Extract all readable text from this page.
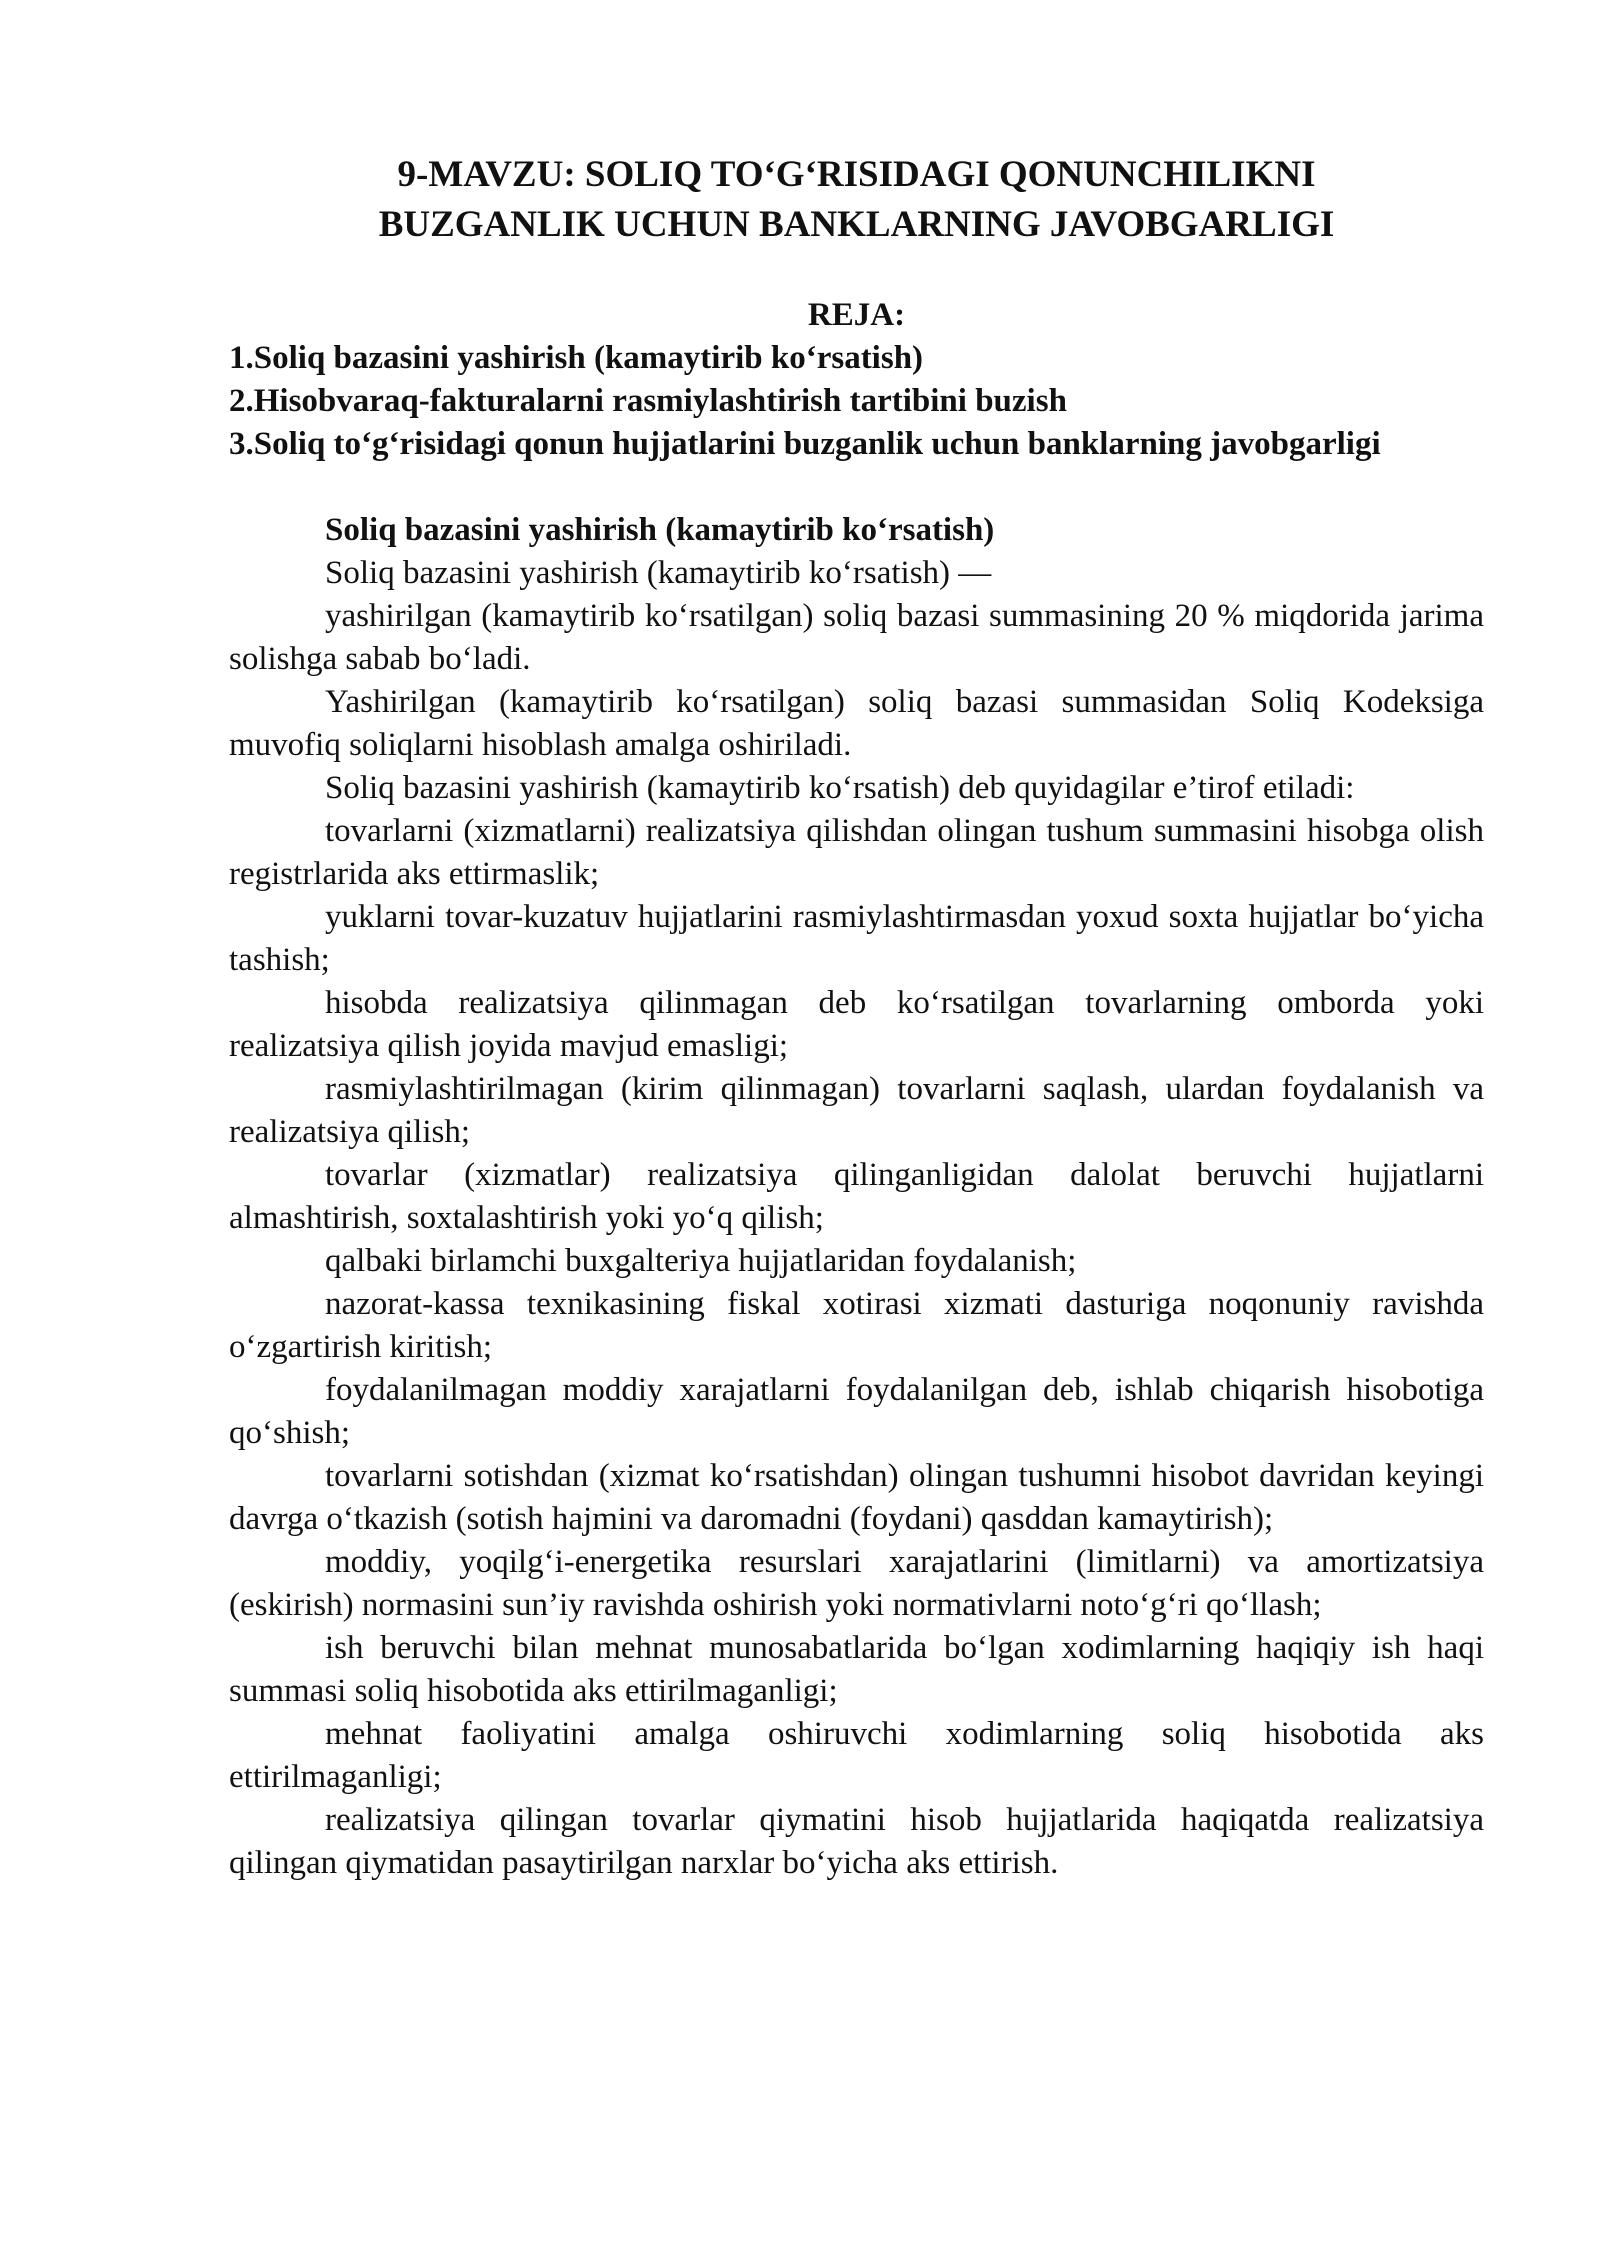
9-MAVZU: SOLIQ TO‘G‘RISIDAGI QONUNCHILIKNI
BUZGANLIK UCHUN BANKLARNING JAVOBGARLIGI
REJA:
1.Soliq bazasini yashirish (kamaytirib ko‘rsatish)
2.Hisobvaraq-fakturalarni rasmiylashtirish tartibini buzish
3.Soliq to‘g‘risidagi qonun hujjatlarini buzganlik uchun banklarning javobgarligi
Soliq bazasini yashirish (kamaytirib ko‘rsatish)

Soliq bazasini yashirish (kamaytirib ko‘rsatish) —

yashirilgan (kamaytirib ko‘rsatilgan) soliq bazasi summasining 20 % miqdorida jarima solishga sabab bo‘ladi.

Yashirilgan (kamaytirib ko‘rsatilgan) soliq bazasi summasidan Soliq Kodeksiga muvofiq soliqlarni hisoblash amalga oshiriladi.

Soliq bazasini yashirish (kamaytirib ko‘rsatish) deb quyidagilar e’tirof etiladi:

tovarlarni (xizmatlarni) realizatsiya qilishdan olingan tushum summasini hisobga olish registrlarida aks ettirmaslik;

yuklarni tovar-kuzatuv hujjatlarini rasmiylashtirmasdan yoxud soxta hujjatlar bo‘yicha tashish;

hisobda realizatsiya qilinmagan deb ko‘rsatilgan tovarlarning omborda yoki realizatsiya qilish joyida mavjud emasligi;

rasmiylashtirilmagan (kirim qilinmagan) tovarlarni saqlash, ulardan foydalanish va realizatsiya qilish;

tovarlar (xizmatlar) realizatsiya qilinganligidan dalolat beruvchi hujjatlarni almashtirish, soxtalashtirish yoki yo‘q qilish;

qalbaki birlamchi buxgalteriya hujjatlaridan foydalanish;

nazorat-kassa texnikasining fiskal xotirasi xizmati dasturiga noqonuniy ravishda o‘zgartirish kiritish;

foydalanilmagan moddiy xarajatlarni foydalanilgan deb, ishlab chiqarish hisobotiga qo‘shish;

tovarlarni sotishdan (xizmat ko‘rsatishdan) olingan tushumni hisobot davridan keyingi davrga o‘tkazish (sotish hajmini va daromadni (foydani) qasddan kamaytirish);

moddiy, yoqilg‘i-energetika resurslari xarajatlarini (limitlarni) va amortizatsiya (eskirish) normasini sun’iy ravishda oshirish yoki normativlarni noto‘g‘ri qo‘llash;

ish beruvchi bilan mehnat munosabatlarida bo‘lgan xodimlarning haqiqiy ish haqi summasi soliq hisobotida aks ettirilmaganligi;

mehnat faoliyatini amalga oshiruvchi xodimlarning soliq hisobotida aks ettirilmaganligi;

realizatsiya qilingan tovarlar qiymatini hisob hujjatlarida haqiqatda realizatsiya qilingan qiymatidan pasaytirilgan narxlar bo‘yicha aks ettirish.
